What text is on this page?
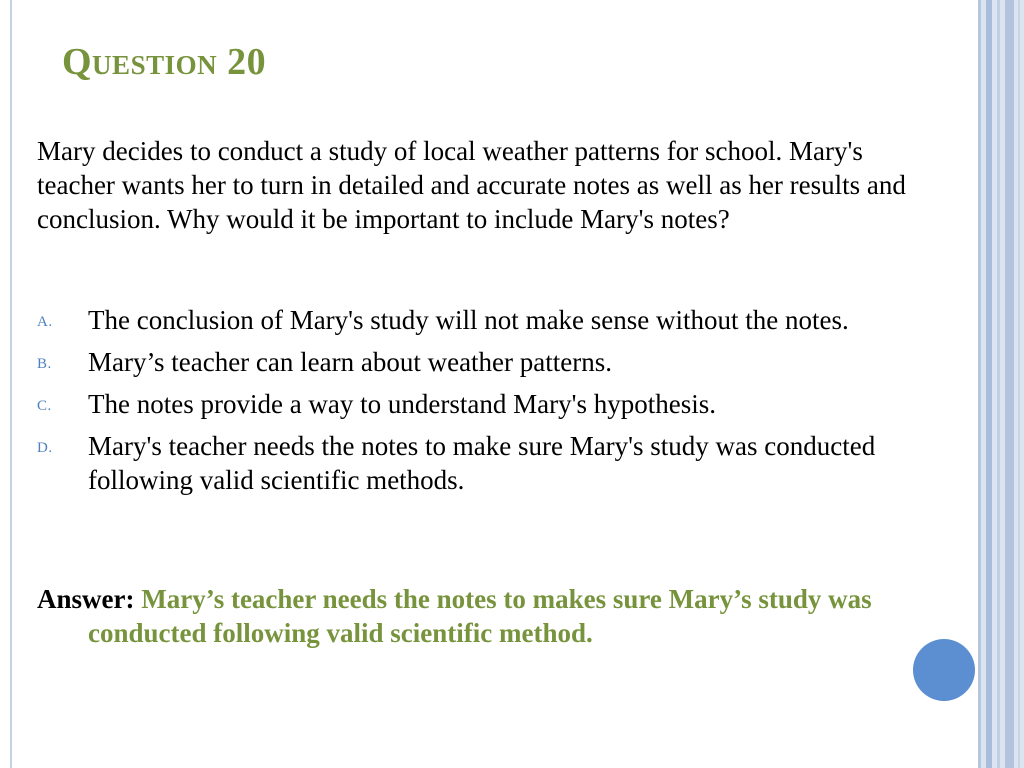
Question 20
Mary decides to conduct a study of local weather patterns for school. Mary's teacher wants her to turn in detailed and accurate notes as well as her results and conclusion. Why would it be important to include Mary's notes?
A. The conclusion of Mary's study will not make sense without the notes.
B. Mary’s teacher can learn about weather patterns.
C. The notes provide a way to understand Mary's hypothesis.
D. Mary's teacher needs the notes to make sure Mary's study was conducted following valid scientific methods.
Answer: Mary’s teacher needs the notes to makes sure Mary’s study was conducted following valid scientific method.
